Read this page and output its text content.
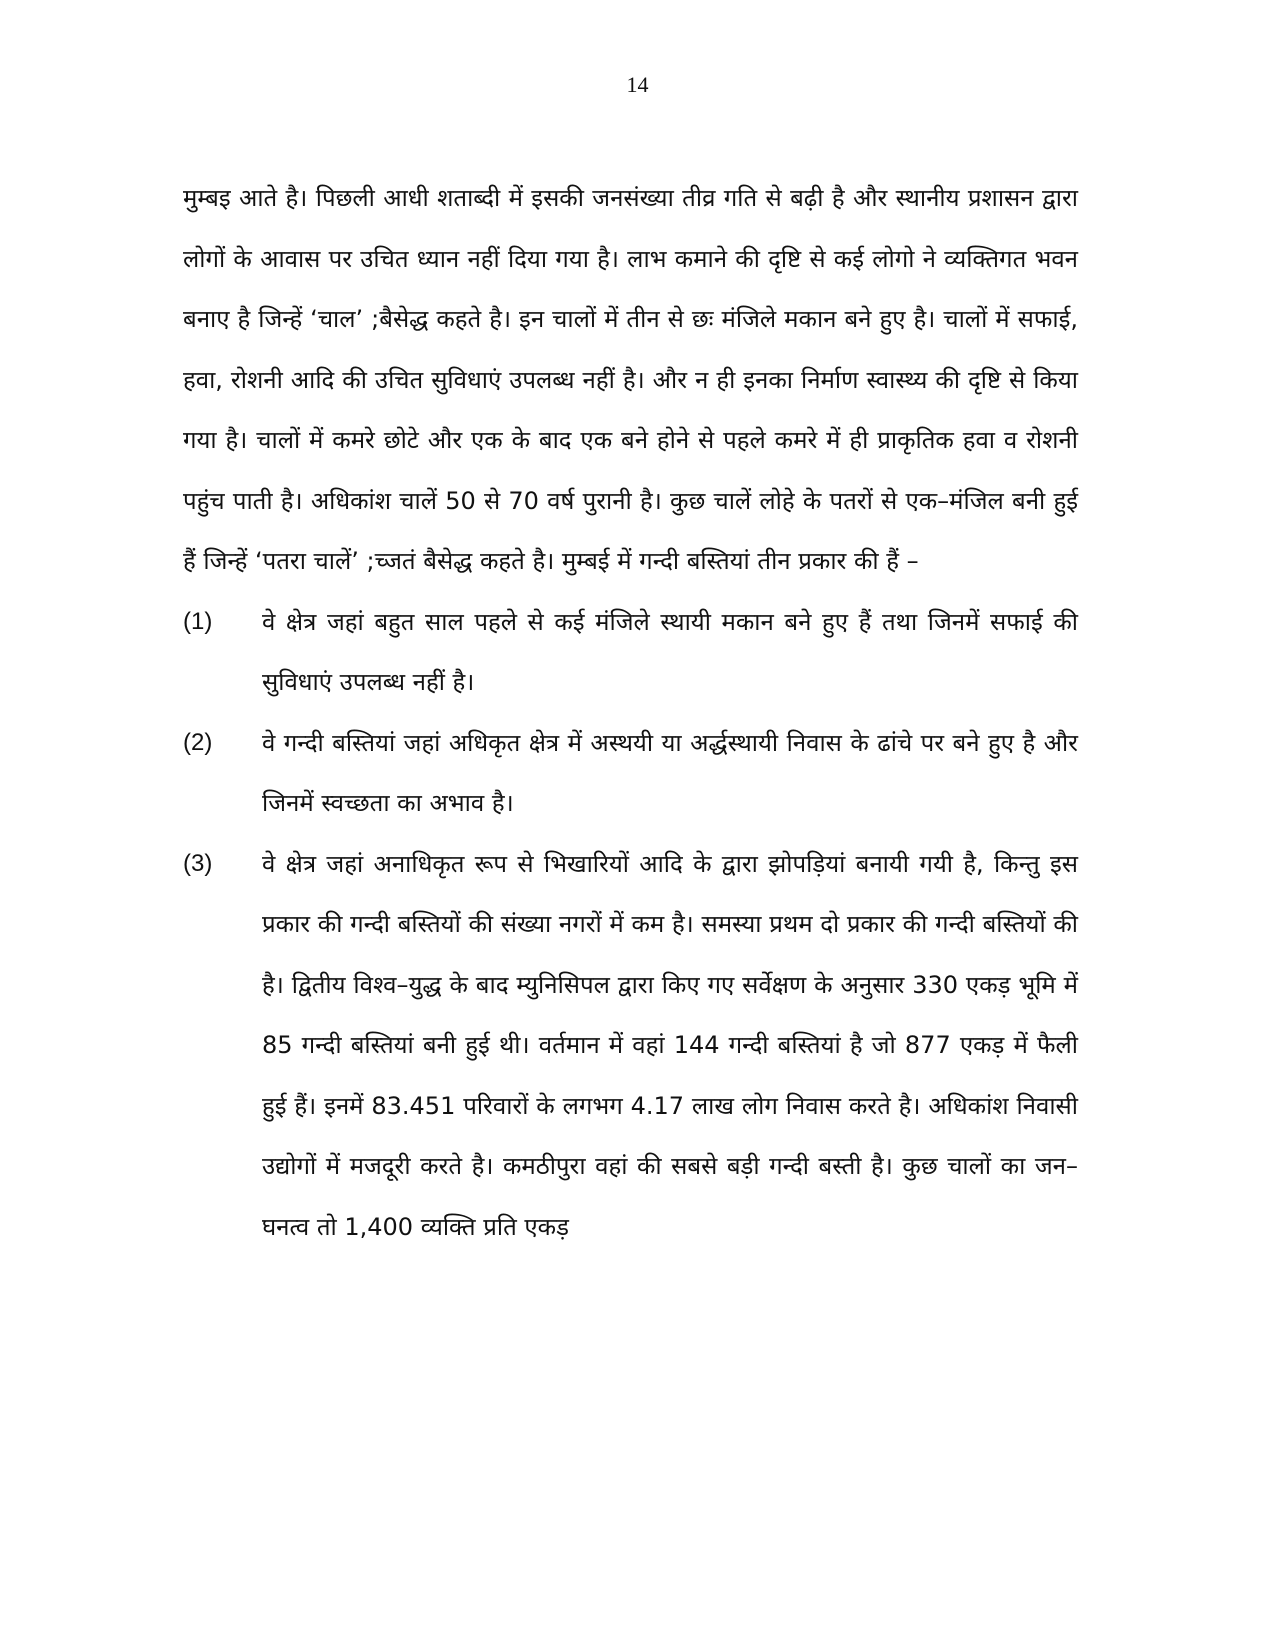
14

मुम्बइ आते है। पिछली आधी शताब्दी में इसकी जनसंख्या तीव्र गति से बढ़ी है और स्थानीय प्रशासन द्वारा लोगों के आवास पर उचित ध्यान नहीं दिया गया है। लाभ कमाने की दृष्टि से कई लोगो ने व्यक्तिगत भवन बनाए है जिन्हें ‘चाल’ ;बैसेद्ध कहते है। इन चालों में तीन से छः मंजिले मकान बने हुए है। चालों में सफाई, हवा, रोशनी आदि की उचित सुविधाएं उपलब्ध नहीं है। और न ही इनका निर्माण स्वास्थ्य की दृष्टि से किया गया है। चालों में कमरे छोटे और एक के बाद एक बने होने से पहले कमरे में ही प्राकृतिक हवा व रोशनी पहुंच पाती है। अधिकांश चालें 50 से 70 वर्ष पुरानी है। कुछ चालें लोहे के पतरों से एक–मंजिल बनी हुई हैं जिन्हें ‘पतरा चालें’ ;च्जतं बैसेद्ध कहते है। मुम्बई में गन्दी बस्तियां तीन प्रकार की हैं –

(1) वे क्षेत्र जहां बहुत साल पहले से कई मंजिले स्थायी मकान बने हुए हैं तथा जिनमें सफाई की सुविधाएं उपलब्ध नहीं है।

(2) वे गन्दी बस्तियां जहां अधिकृत क्षेत्र में अस्थयी या अर्द्धस्थायी निवास के ढांचे पर बने हुए है और जिनमें स्वच्छता का अभाव है।

(3) वे क्षेत्र जहां अनाधिकृत रूप से भिखारियों आदि के द्वारा झोपड़ियां बनायी गयी है, किन्तु इस प्रकार की गन्दी बस्तियों की संख्या नगरों में कम है। समस्या प्रथम दो प्रकार की गन्दी बस्तियों की है। द्वितीय विश्व–युद्ध के बाद म्युनिसिपल द्वारा किए गए सर्वेक्षण के अनुसार 330 एकड़ भूमि में 85 गन्दी बस्तियां बनी हुई थी। वर्तमान में वहां 144 गन्दी बस्तियां है जो 877 एकड़ में फैली हुई हैं। इनमें 83.451 परिवारों के लगभग 4.17 लाख लोग निवास करते है। अधिकांश निवासी उद्योगों में मजदूरी करते है। कमठीपुरा वहां की सबसे बड़ी गन्दी बस्ती है। कुछ चालों का जन–घनत्व तो 1,400 व्यक्ति प्रति एकड़
